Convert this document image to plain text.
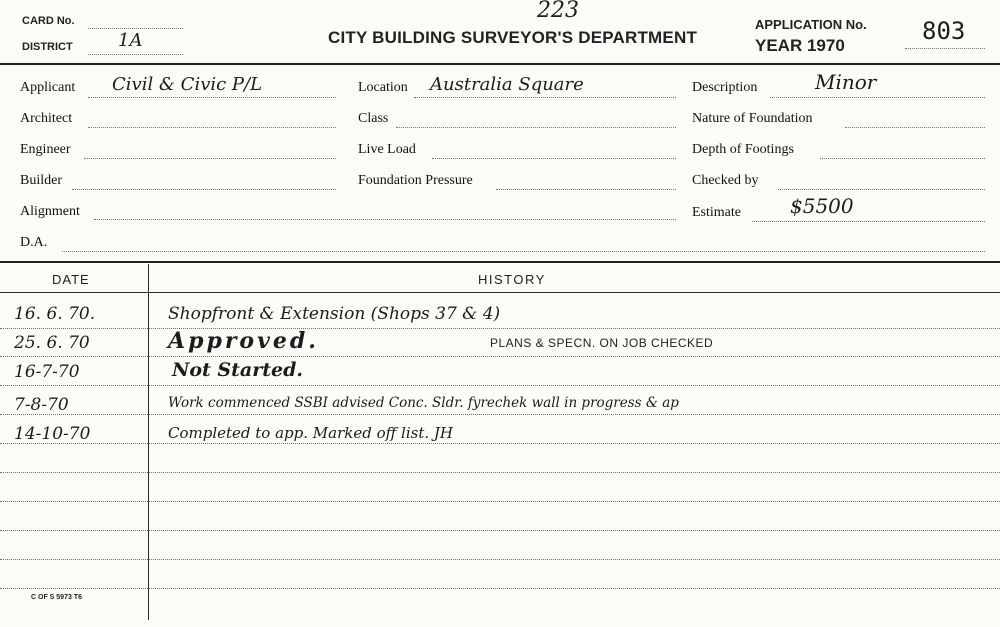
CARD No.
DISTRICT	1A	CITY BUILDING SURVEYOR'S DEPARTMENT
223
APPLICATION No.
YEAR 1970
803
Applicant Civil & Civic P/L	Location Australia Square	Description	Minor
Architect	Class	Nature of Foundation
Engineer	Live Load	Depth of Footings
Builder	Foundation Pressure	Checked by
Alignment	Estimate $5500
D.A.
DATE	HISTORY
16. 6. 70.	Shopfront & Extension (Shops 37 & 4)
25. 6. 70	Approved.	PLANS & SPECN. ON JOB CHECKED
16-7-70	Not Started.
7-8-70	Work commenced SSBI advised Conc. Sldr. fyrechek wall in progress & ap
14-10-70	Completed to app. Marked off list. JH
C OF S 5973 T6
